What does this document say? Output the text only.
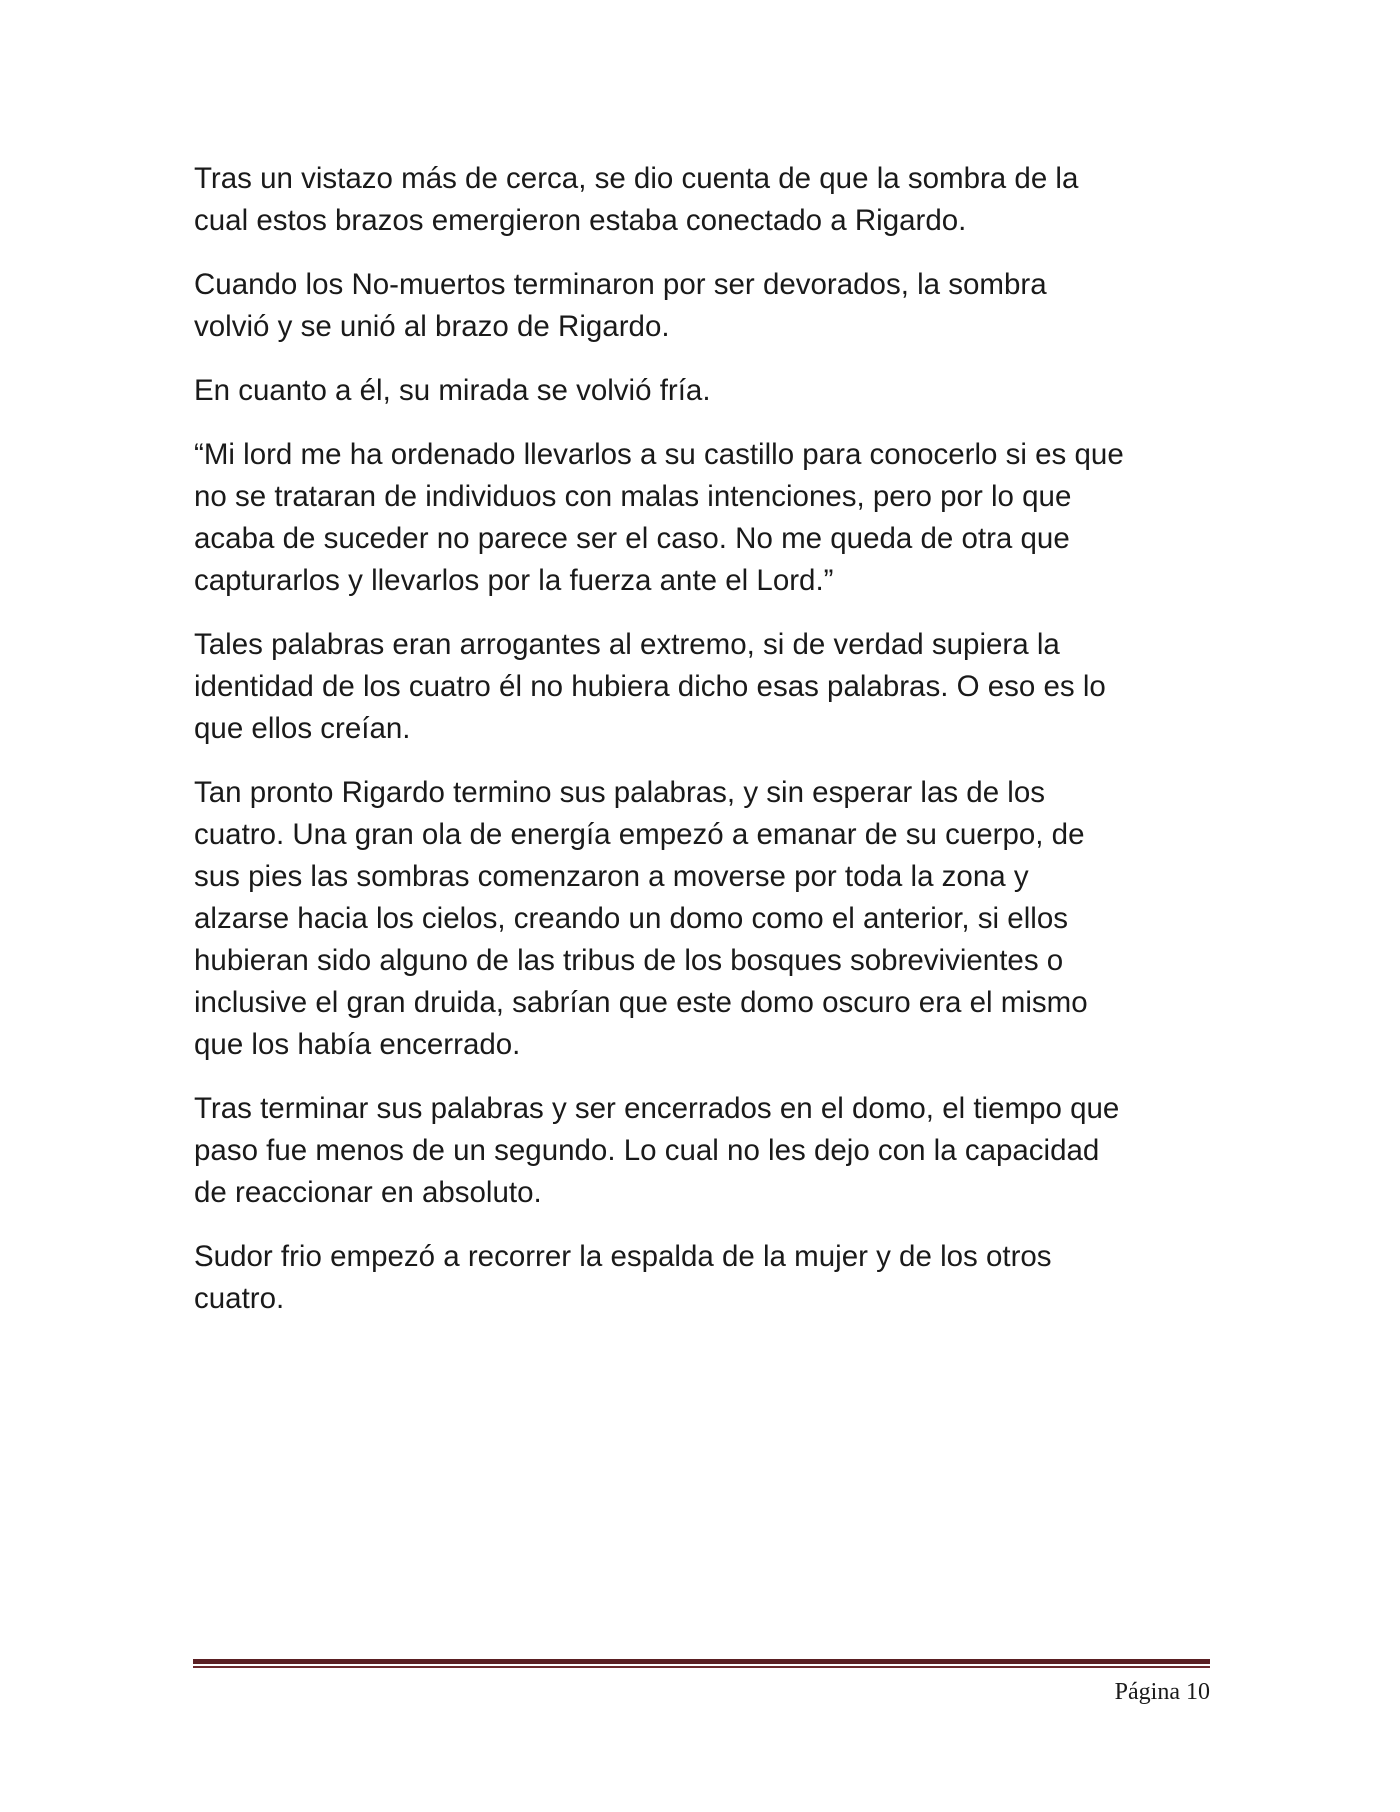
Tras un vistazo más de cerca, se dio cuenta de que la sombra de la
cual estos brazos emergieron estaba conectado a Rigardo.

Cuando los No-muertos terminaron por ser devorados, la sombra
volvió y se unió al brazo de Rigardo.

En cuanto a él, su mirada se volvió fría.

“Mi lord me ha ordenado llevarlos a su castillo para conocerlo si es que
no se trataran de individuos con malas intenciones, pero por lo que
acaba de suceder no parece ser el caso. No me queda de otra que
capturarlos y llevarlos por la fuerza ante el Lord.”

Tales palabras eran arrogantes al extremo, si de verdad supiera la
identidad de los cuatro él no hubiera dicho esas palabras. O eso es lo
que ellos creían.

Tan pronto Rigardo termino sus palabras, y sin esperar las de los
cuatro. Una gran ola de energía empezó a emanar de su cuerpo, de
sus pies las sombras comenzaron a moverse por toda la zona y
alzarse hacia los cielos, creando un domo como el anterior, si ellos
hubieran sido alguno de las tribus de los bosques sobrevivientes o
inclusive el gran druida, sabrían que este domo oscuro era el mismo
que los había encerrado.

Tras terminar sus palabras y ser encerrados en el domo, el tiempo que
paso fue menos de un segundo. Lo cual no les dejo con la capacidad
de reaccionar en absoluto.

Sudor frio empezó a recorrer la espalda de la mujer y de los otros
cuatro.

Página 10
